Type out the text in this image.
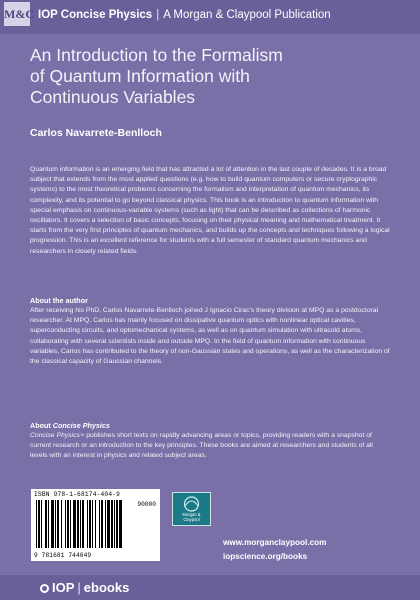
M&C IOP Concise Physics | A Morgan & Claypool Publication
An Introduction to the Formalism
of Quantum Information with
Continuous Variables
Carlos Navarrete-Benlloch
Quantum information is an emerging field that has attracted a lot of attention in the last couple of decades. It is a broad subject that extends from the most applied questions (e.g. how to build quantum computers or secure cryptographic systems) to the most theoretical problems concerning the formalism and interpretation of quantum mechanics, its complexity, and its potential to go beyond classical physics. This book is an introduction to quantum information with special emphasis on continuous-variable systems (such as light) that can be described as collections of harmonic oscillators. It covers a selection of basic concepts, focusing on their physical meaning and mathematical treatment. It starts from the very first principles of quantum mechanics, and builds up the concepts and techniques following a logical progression. This is an excellent reference for students with a full semester of standard quantum mechanics and researchers in closely related fields.
About the author
After receiving his PhD, Carlos Navarrete-Benlloch joined J Ignacio Cirac's theory division at MPQ as a postdoctoral researcher. At MPQ, Carlos has mainly focused on dissipative quantum optics with nonlinear optical cavities, superconducting circuits, and optomechanical systems, as well as on quantum simulation with ultracold atoms, collaborating with several scientists inside and outside MPQ. In the field of quantum information with continuous variables, Carlos has contributed to the theory of non-Gaussian states and operations, as well as the characterization of the classical capacity of Gaussian channels.
About Concise Physics
Concise Physics™ publishes short texts on rapidly advancing areas or topics, providing readers with a snapshot of current research or an introduction to the key principles. These books are aimed at researchers and students of all levels with an interest in physics and related subject areas.
ISBN 978-1-68174-404-9
90000
9 781681 744049
Morgan & Claypool
www.morganclaypool.com
iopscience.org/books
IOP | ebooks
